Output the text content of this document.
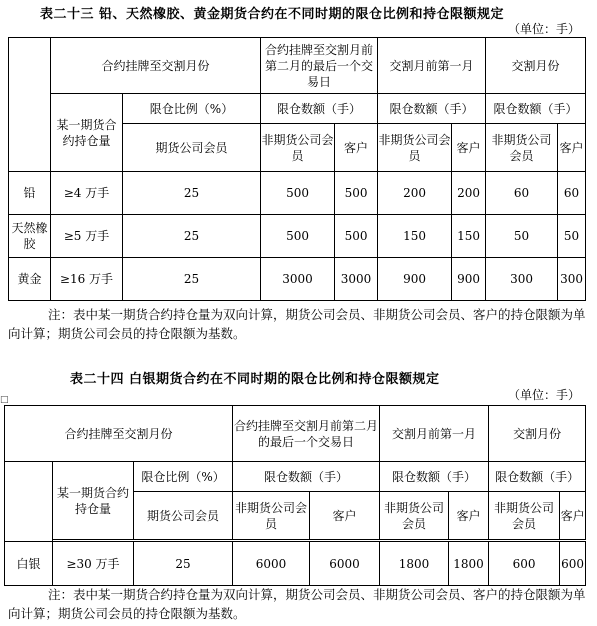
表二十三 铅、天然橡胶、黄金期货合约在不同时期的限仓比例和持仓限额规定
（单位：手）
	合约挂牌至交割月份		合约挂牌至交割月前第二月的最后一个交易日		交割月前第一月		交割月份	
	某一期货合约持仓量	限仓比例（%）	限仓数额（手）		限仓数额（手）		限仓数额（手）	
		期货公司会员	非期货公司会员	客户	非期货公司会员	客户	非期货公司会员	客户
铅	≥4 万手	25	500	500	200	200	60	60
天然橡胶	≥5 万手	25	500	500	150	150	50	50
黄金	≥16 万手	25	3000	3000	900	900	300	300
注：表中某一期货合约持仓量为双向计算，期货公司会员、非期货公司会员、客户的持仓限额为单向计算；期货公司会员的持仓限额为基数。
表二十四 白银期货合约在不同时期的限仓比例和持仓限额规定
（单位：手）
□
合约挂牌至交割月份			合约挂牌至交割月前第二月的最后一个交易日		交割月前第一月		交割月份	
	某一期货合约持仓量	限仓比例（%）	限仓数额（手）		限仓数额（手）		限仓数额（手）	
		期货公司会员	非期货公司会员	客户	非期货公司会员	客户	非期货公司会员	客户

白银	≥30 万手	25	6000	6000	1800	1800	600	600
注：表中某一期货合约持仓量为双向计算，期货公司会员、非期货公司会员、客户的持仓限额为单向计算；期货公司会员的持仓限额为基数。
